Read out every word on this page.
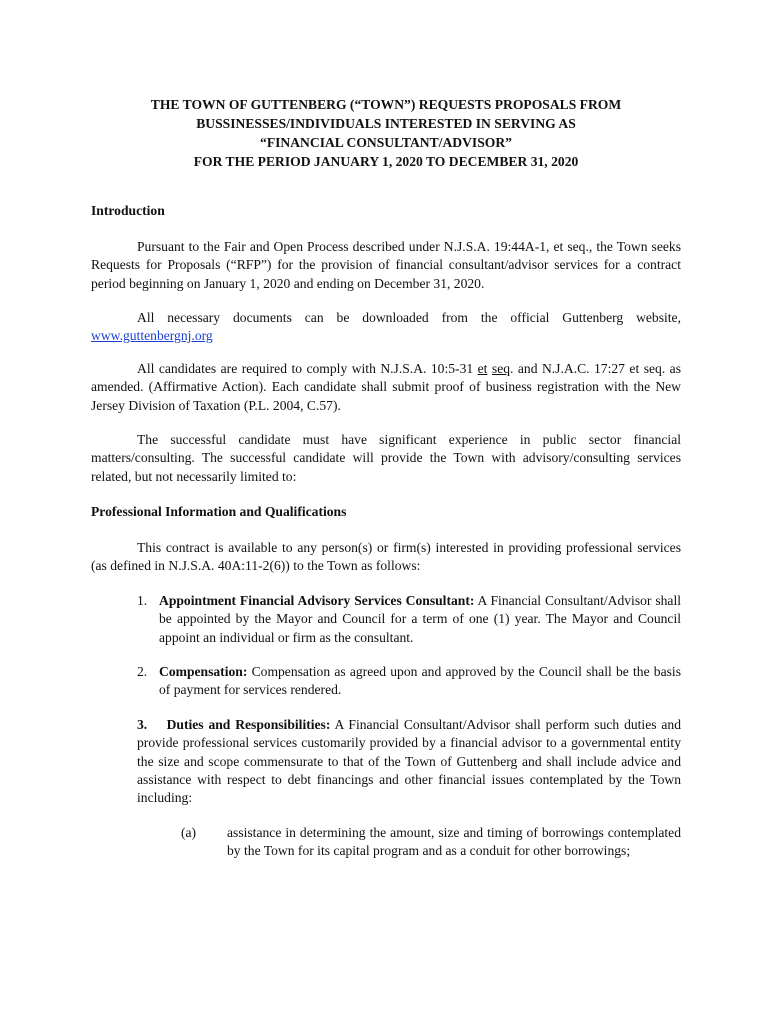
THE TOWN OF GUTTENBERG (“TOWN”) REQUESTS PROPOSALS FROM
BUSSINESSES/INDIVIDUALS INTERESTED IN SERVING AS
“FINANCIAL CONSULTANT/ADVISOR”
FOR THE PERIOD JANUARY 1, 2020 TO DECEMBER 31, 2020
Introduction
Pursuant to the Fair and Open Process described under N.J.S.A. 19:44A-1, et seq., the Town seeks Requests for Proposals (“RFP”) for the provision of financial consultant/advisor services for a contract period beginning on January 1, 2020 and ending on December 31, 2020.
All necessary documents can be downloaded from the official Guttenberg website, www.guttenbergnj.org
All candidates are required to comply with N.J.S.A. 10:5-31 et seq. and N.J.A.C. 17:27 et seq. as amended. (Affirmative Action). Each candidate shall submit proof of business registration with the New Jersey Division of Taxation (P.L. 2004, C.57).
The successful candidate must have significant experience in public sector financial matters/consulting. The successful candidate will provide the Town with advisory/consulting services related, but not necessarily limited to:
Professional Information and Qualifications
This contract is available to any person(s) or firm(s) interested in providing professional services (as defined in N.J.S.A. 40A:11-2(6)) to the Town as follows:
1. Appointment Financial Advisory Services Consultant: A Financial Consultant/Advisor shall be appointed by the Mayor and Council for a term of one (1) year. The Mayor and Council appoint an individual or firm as the consultant.
2. Compensation: Compensation as agreed upon and approved by the Council shall be the basis of payment for services rendered.
3. Duties and Responsibilities: A Financial Consultant/Advisor shall perform such duties and provide professional services customarily provided by a financial advisor to a governmental entity the size and scope commensurate to that of the Town of Guttenberg and shall include advice and assistance with respect to debt financings and other financial issues contemplated by the Town including:
(a) assistance in determining the amount, size and timing of borrowings contemplated by the Town for its capital program and as a conduit for other borrowings;
